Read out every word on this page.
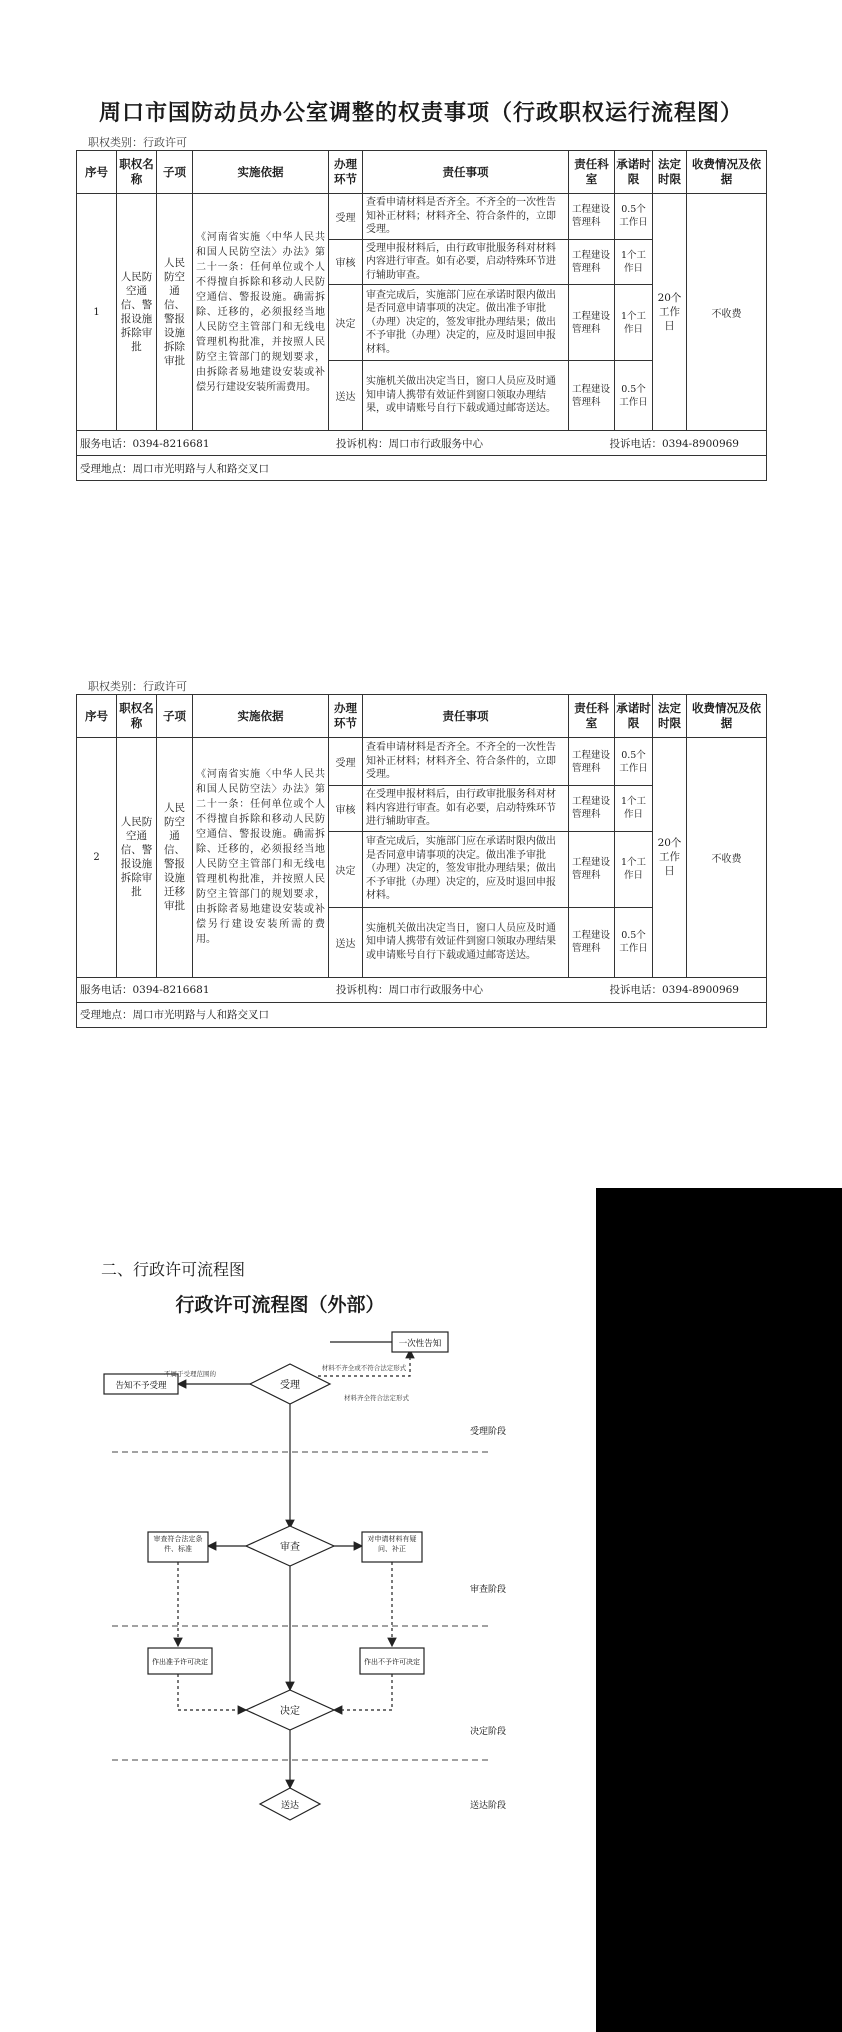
周口市国防动员办公室调整的权责事项（行政职权运行流程图）
职权类别：行政许可
序号	职权名称	子项	实施依据	办理环节	责任事项	责任科室	承诺时限	法定时限	收费情况及依据
1	人民防空通信、警报设施拆除审批	人民防空通信、警报设施拆除审批	《河南省实施〈中华人民共和国人民防空法〉办法》第二十一条：任何单位或个人不得擅自拆除和移动人民防空通信、警报设施。确需拆除、迁移的，必须报经当地人民防空主管部门和无线电管理机构批准，并按照人民防空主管部门的规划要求，由拆除者易地建设安装或补偿另行建设安装所需费用。	受理	查看申请材料是否齐全。不齐全的一次性告知补正材料；材料齐全、符合条件的，立即受理。	工程建设管理科	0.5个工作日	20个工作日	不收费
				审核	受理申报材料后，由行政审批服务科对材料内容进行审查。如有必要，启动特殊环节进行辅助审查。	工程建设管理科	1个工作日		
				决定	审查完成后，实施部门应在承诺时限内做出是否同意申请事项的决定。做出准予审批（办理）决定的，签发审批办理结果；做出不予审批（办理）决定的，应及时退回申报材料。	工程建设管理科	1个工作日		
				送达	实施机关做出决定当日，窗口人员应及时通知申请人携带有效证件到窗口领取办理结果，或申请账号自行下载或通过邮寄送达。	工程建设管理科	0.5个工作日		

服务电话：0394-8216681 投诉机构：周口市行政服务中心 投诉电话：0394-8900969									

受理地点：周口市光明路与人和路交叉口									
职权类别：行政许可
序号	职权名称	子项	实施依据	办理环节	责任事项	责任科室	承诺时限	法定时限	收费情况及依据
2	人民防空通信、警报设施拆除审批	人民防空通信、警报设施迁移审批	《河南省实施〈中华人民共和国人民防空法〉办法》第二十一条：任何单位或个人不得擅自拆除和移动人民防空通信、警报设施。确需拆除、迁移的，必须报经当地人民防空主管部门和无线电管理机构批准，并按照人民防空主管部门的规划要求，由拆除者易地建设安装或补偿另行建设安装所需的费用。	受理	查看申请材料是否齐全。不齐全的一次性告知补正材料；材料齐全、符合条件的，立即受理。	工程建设管理科	0.5个工作日	20个工作日	不收费
				审核	在受理申报材料后，由行政审批服务科对材料内容进行审查。如有必要，启动特殊环节进行辅助审查。	工程建设管理科	1个工作日		
				决定	审查完成后，实施部门应在承诺时限内做出是否同意申请事项的决定。做出准予审批（办理）决定的，签发审批办理结果；做出不予审批（办理）决定的，应及时退回申报材料。	工程建设管理科	1个工作日		
				送达	实施机关做出决定当日，窗口人员应及时通知申请人携带有效证件到窗口领取办理结果或申请账号自行下载或通过邮寄送达。	工程建设管理科	0.5个工作日		

服务电话：0394-8216681 投诉机构：周口市行政服务中心 投诉电话：0394-8900969									

受理地点：周口市光明路与人和路交叉口									
二、行政许可流程图
行政许可流程图（外部）
受理
告知不予受理
一次性告知
不属于受理范围的
材料不齐全或不符合法定形式
材料齐全符合法定形式
审查
审查符合法定条件、标准
对申请材料有疑问、补正
作出准予许可决定	作出不予许可决定
决定
送达
受理阶段
审查阶段
决定阶段
送达阶段
